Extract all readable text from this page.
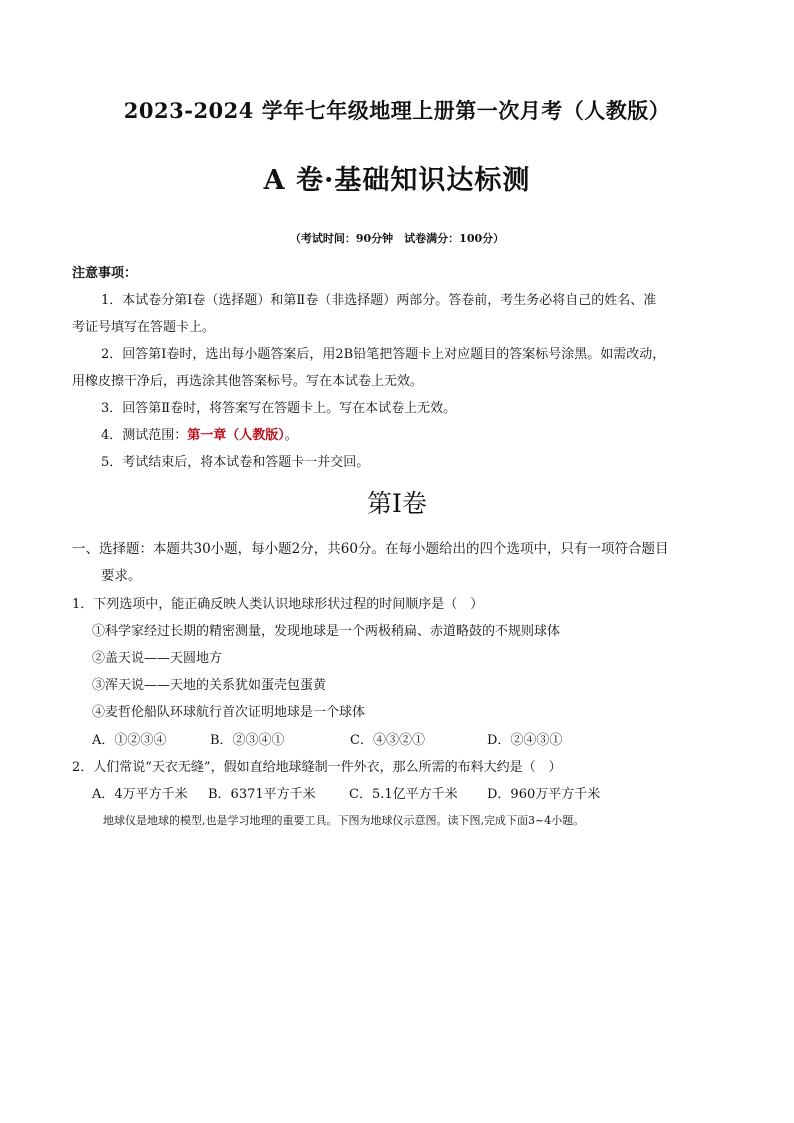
2023-2024 学年七年级地理上册第一次月考（人教版）
A 卷·基础知识达标测
（考试时间：90分钟　试卷满分：100分）
注意事项：
1．本试卷分第Ⅰ卷（选择题）和第Ⅱ卷（非选择题）两部分。答卷前，考生务必将自己的姓名、准
考证号填写在答题卡上。
2．回答第Ⅰ卷时，选出每小题答案后，用2B铅笔把答题卡上对应题目的答案标号涂黑。如需改动，
用橡皮擦干净后，再选涂其他答案标号。写在本试卷上无效。
3．回答第Ⅱ卷时，将答案写在答题卡上。写在本试卷上无效。
4．测试范围：第一章（人教版）。
5．考试结束后，将本试卷和答题卡一并交回。
第Ⅰ卷
一、选择题：本题共30小题，每小题2分，共60分。在每小题给出的四个选项中，只有一项符合题目
要求。
1．下列选项中，能正确反映人类认识地球形状过程的时间顺序是（　）
①科学家经过长期的精密测量，发现地球是一个两极稍扁、赤道略鼓的不规则球体
②盖天说——天圆地方
③浑天说——天地的关系犹如蛋壳包蛋黄
④麦哲伦船队环球航行首次证明地球是一个球体
A．①②③④	B．②③④①	C．④③②①	D．②④③①
2．人们常说“天衣无缝”，假如直给地球缝制一件外衣，那么所需的布料大约是（　）
A．4万平方千米 B．6371平方千米	C．5.1亿平方千米 D．960万平方千米
地球仪是地球的模型,也是学习地理的重要工具。下图为地球仪示意图。读下图,完成下面3~4小题。
